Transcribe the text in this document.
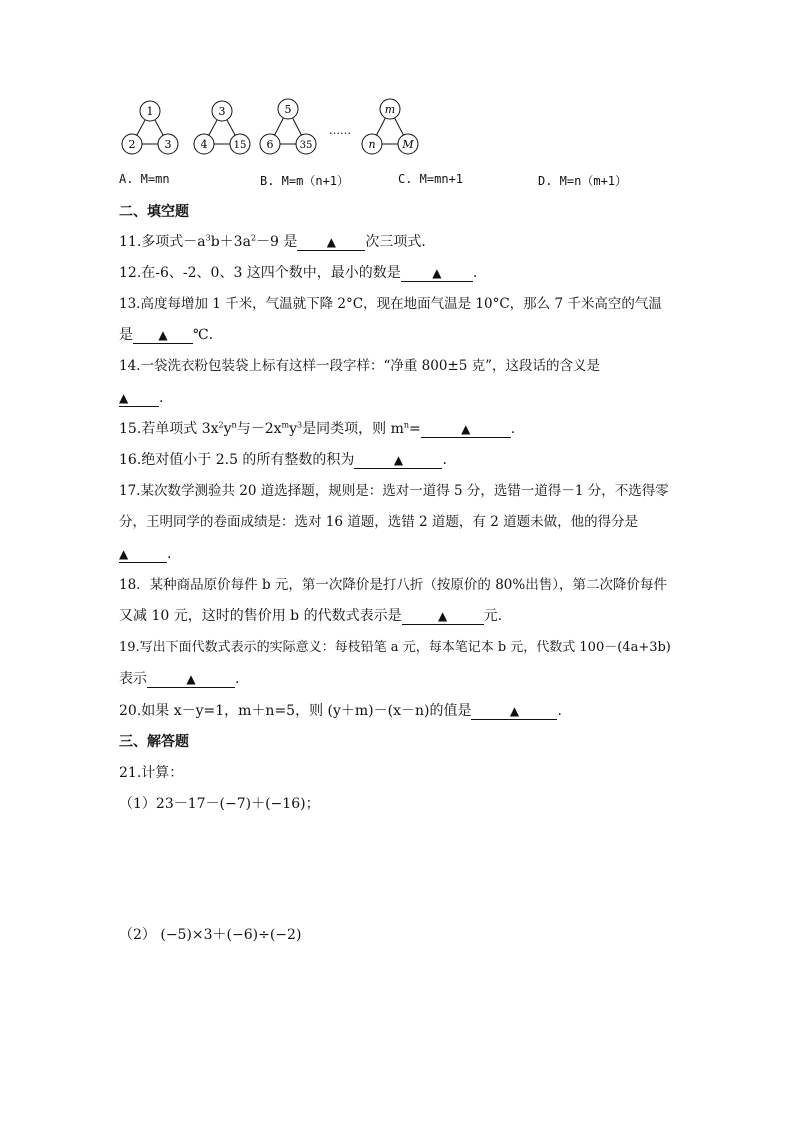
1
2	3
3
4	15
5
6	35
……
m
n M
A. M=mn	B. M=m（n+1）	C. M=mn+1	D. M=n（m+1）
二、填空题
11.多项式$-a^3b+3a^2-9$ 是 ▲ 次三项式．
12.在-6、-2、0、3 这四个数中，最小的数是	▲ .
13.高度每增加 1 千米，气温就下降 2°C，现在地面气温是 10°C，那么 7 千米高空的气温
是 ▲ ℃.
14.一袋洗衣粉包装袋上标有这样一段字样：“净重 800±5 克”，这段话的含义是
▲ .
15.若单项式 $3x^2y^n$与$-2x^my^3$是同类项，则 $m^n=$	▲	.
16.绝对值小于 2.5 的所有整数的积为	▲	.
17.某次数学测验共 20 道选择题，规则是：选对一道得 5 分，选错一道得－1 分，不选得零
分，王明同学的卷面成绩是：选对 16 道题，选错 2 道题，有 2 道题未做，他的得分是
▲	.
18．某种商品原价每件 b 元，第一次降价是打八折（按原价的 80%出售），第二次降价每件
又减 10 元，这时的售价用 b 的代数式表示是	▲	元.
19.写出下面代数式表示的实际意义：每枝铅笔 a 元，每本笔记本 b 元，代数式 100－(4a+3b)
表示	▲	.
20.如果 x－y=1，m＋n=5，则 (y＋m)－(x－n)的值是	▲	.
三、解答题
21.计算：
（1）23－17－(−7)＋(−16)；
（2） (−5)×3＋(−6)÷(−2)
